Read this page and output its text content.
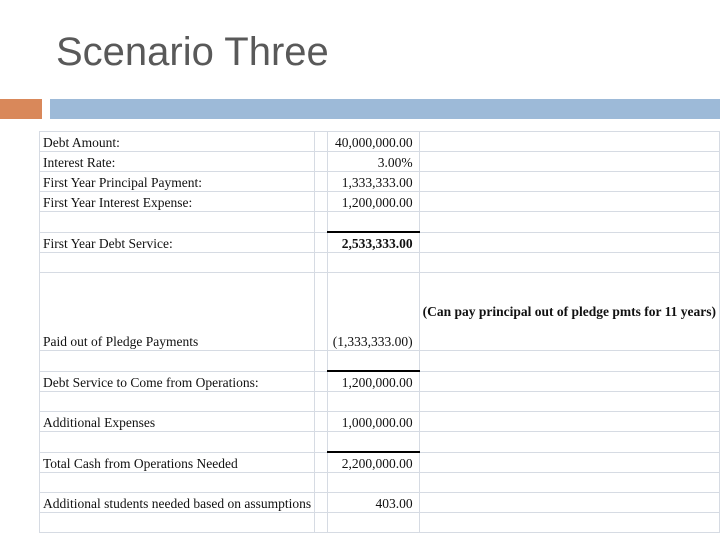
Scenario Three
Debt Amount:		40,000,000.00	
Interest Rate:		3.00%	
First Year Principal Payment:		1,333,333.00	
First Year Interest Expense:		1,200,000.00	

First Year Debt Service:		2,533,333.00	

Paid out of Pledge Payments		(1,333,333.00)	(Can pay principal out of pledge pmts for 11 years)

Debt Service to Come from Operations:		1,200,000.00	

Additional Expenses		1,000,000.00	

Total Cash from Operations Needed		2,200,000.00	

Additional students needed based on assumptions		403.00	
